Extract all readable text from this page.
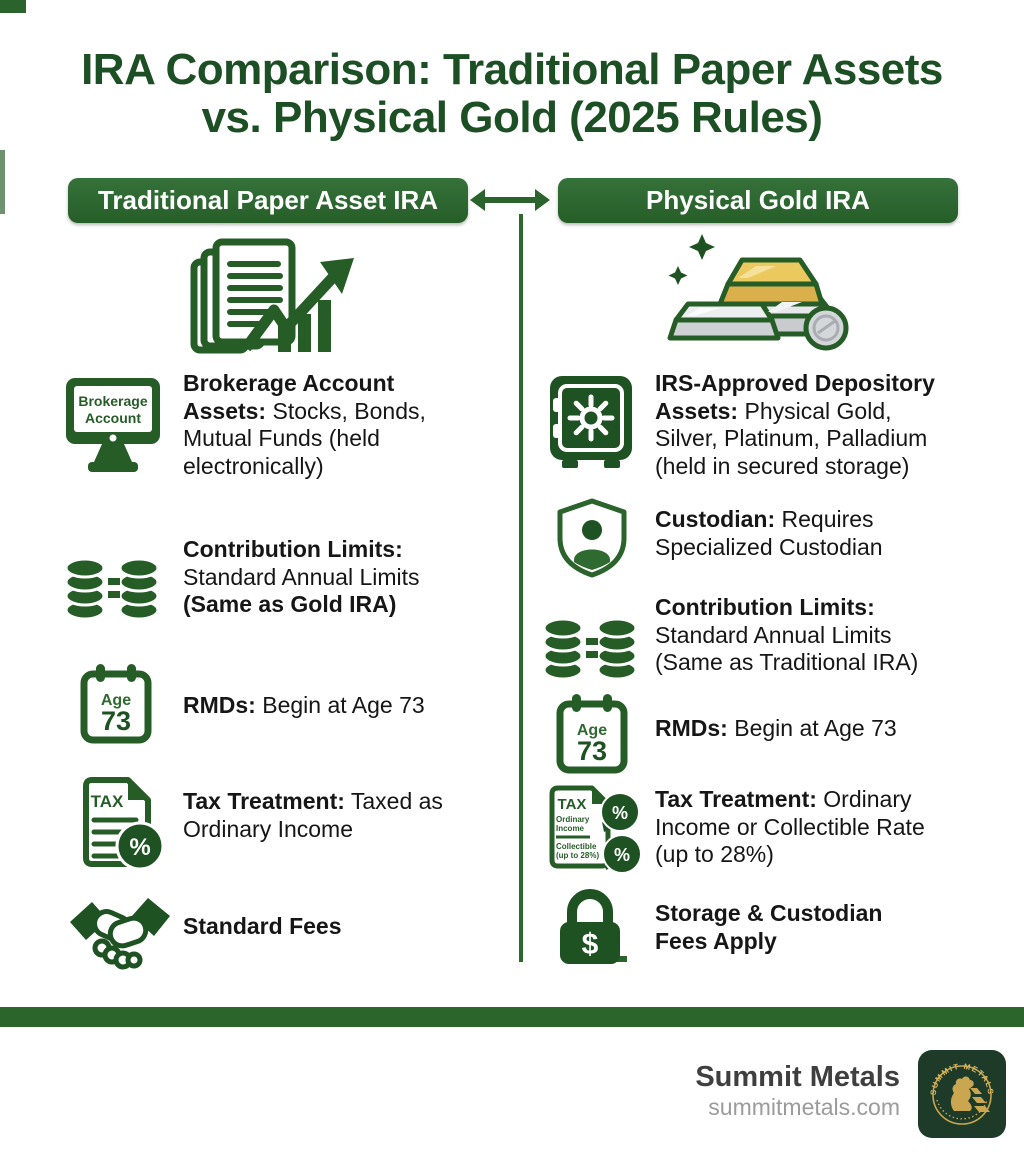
IRA Comparison: Traditional Paper Assets
vs. Physical Gold (2025 Rules)
Traditional Paper Asset IRA	Physical Gold IRA
Brokerage
Account
Brokerage Account Assets: Stocks, Bonds, Mutual Funds (held electronically)
Contribution Limits: Standard Annual Limits (Same as Gold IRA)
Age
73
RMDs: Begin at Age 73
TAX
%
Tax Treatment: Taxed as Ordinary Income
Standard Fees
IRS-Approved Depository Assets: Physical Gold, Silver, Platinum, Palladium (held in secured storage)
Custodian: Requires Specialized Custodian
Contribution Limits: Standard Annual Limits (Same as Traditional IRA)
Age
73
RMDs: Begin at Age 73
TAX
Ordinary
Income
Collectible
(up to 28%)
%
%
Tax Treatment: Ordinary Income or Collectible Rate (up to 28%)
$
Storage & Custodian Fees Apply
Summit Metals
summitmetals.com
SUMMIT METALS
